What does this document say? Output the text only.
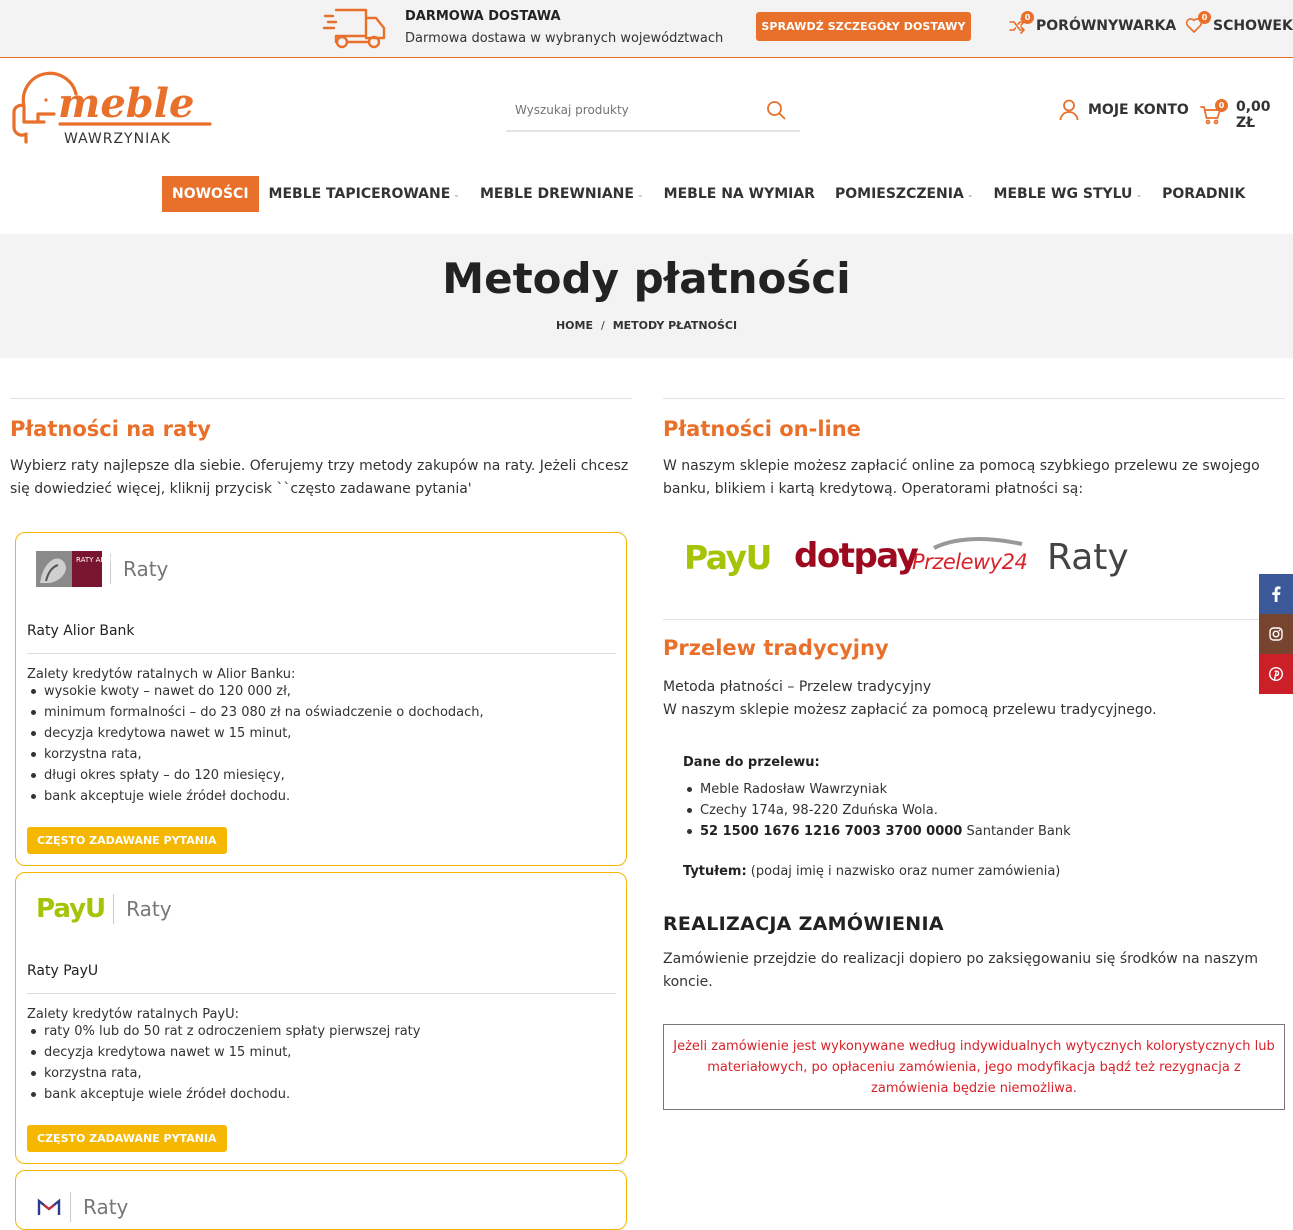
DARMOWA DOSTAWA
Darmowa dostawa w wybranych województwach
SPRAWDŹ SZCZEGÓŁY DOSTAWY
0
PORÓWNYWARKA
0
SCHOWEK
meble
WAWRZYNIAK
Wyszukaj produkty
MOJE KONTO	0 0,00 ZŁ
NOWOŚCI MEBLE TAPICEROWANE ⌄ MEBLE DREWNIANE ⌄ MEBLE NA WYMIAR POMIESZCZENIA ⌄ MEBLE WG STYLU ⌄ PORADNIK
Metody płatności
HOME / METODY PŁATNOŚCI
Płatności na raty

Wybierz raty najlepsze dla siebie. Oferujemy trzy metody zakupów na raty. Jeżeli chcesz się dowiedzieć więcej, kliknij przycisk ``często zadawane pytania'

RATY ALIOR Raty
Raty Alior Bank
Zalety kredytów ratalnych w Alior Banku:
wysokie kwoty – nawet do 120 000 zł,
minimum formalności – do 23 080 zł na oświadczenie o dochodach,
decyzja kredytowa nawet w 15 minut,
korzystna rata,
długi okres spłaty – do 120 miesięcy,
bank akceptuje wiele źródeł dochodu.
CZĘSTO ZADAWANE PYTANIA
PayU Raty
Raty PayU
Zalety kredytów ratalnych PayU:
raty 0% lub do 50 rat z odroczeniem spłaty pierwszej raty
decyzja kredytowa nawet w 15 minut,
korzystna rata,
bank akceptuje wiele źródeł dochodu.
CZĘSTO ZADAWANE PYTANIA
Raty
Płatności on-line

W naszym sklepie możesz zapłacić online za pomocą szybkiego przelewu ze swojego banku, blikiem i kartą kredytową. Operatorami płatności są:

PayU dotpay
Przelewy24 Raty
Przelew tradycyjny
Metoda płatności – Przelew tradycyjny
W naszym sklepie możesz zapłacić za pomocą przelewu tradycyjnego.
Dane do przelewu:
Meble Radosław Wawrzyniak
Czechy 174a, 98-220 Zduńska Wola.
52 1500 1676 1216 7003 3700 0000 Santander Bank
Tytułem: (podaj imię i nazwisko oraz numer zamówienia)
REALIZACJA ZAMÓWIENIA

Zamówienie przejdzie do realizacji dopiero po zaksięgowaniu się środków na naszym koncie.

Jeżeli zamówienie jest wykonywane według indywidualnych wytycznych kolorystycznych lub materiałowych, po opłaceniu zamówienia, jego modyfikacja bądź też rezygnacja z zamówienia będzie niemożliwa.
